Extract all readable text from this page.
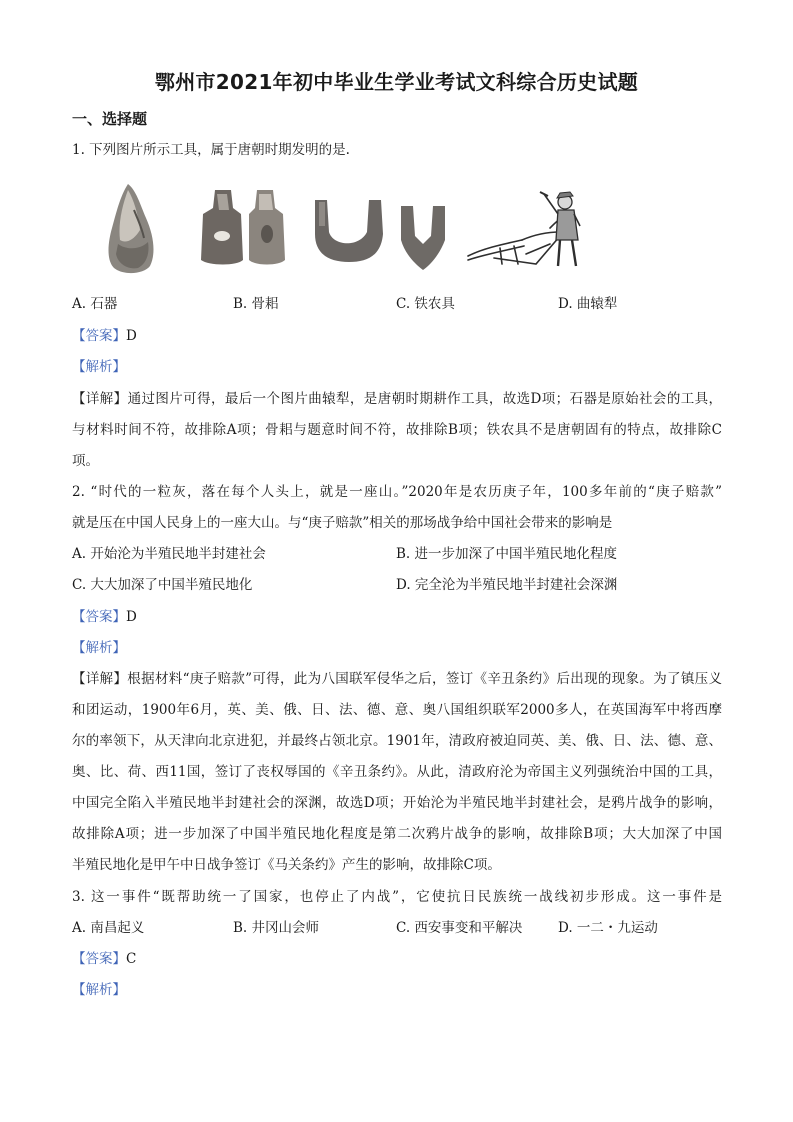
鄂州市2021年初中毕业生学业考试文科综合历史试题
一、选择题
1. 下列图片所示工具，属于唐朝时期发明的是.
A. 石器	B. 骨耜	C. 铁农具	D. 曲辕犁
【答案】D
【解析】
【详解】通过图片可得，最后一个图片曲辕犁，是唐朝时期耕作工具，故选D项；石器是原始社会的工具，
与材料时间不符，故排除A项；骨耜与题意时间不符，故排除B项；铁农具不是唐朝固有的特点，故排除C
项。
2. “时代的一粒灰，落在每个人头上，就是一座山。”2020年是农历庚子年，100多年前的“庚子赔款”
就是压在中国人民身上的一座大山。与“庚子赔款”相关的那场战争给中国社会带来的影响是
A. 开始沦为半殖民地半封建社会	B. 进一步加深了中国半殖民地化程度
C. 大大加深了中国半殖民地化	D. 完全沦为半殖民地半封建社会深渊
【答案】D
【解析】
【详解】根据材料“庚子赔款”可得，此为八国联军侵华之后，签订《辛丑条约》后出现的现象。为了镇压义
和团运动，1900年6月，英、美、俄、日、法、德、意、奥八国组织联军2000多人，在英国海军中将西摩
尔的率领下，从天津向北京进犯，并最终占领北京。1901年，清政府被迫同英、美、俄、日、法、德、意、
奥、比、荷、西11国，签订了丧权辱国的《辛丑条约》。从此，清政府沦为帝国主义列强统治中国的工具，
中国完全陷入半殖民地半封建社会的深渊，故选D项；开始沦为半殖民地半封建社会，是鸦片战争的影响，
故排除A项；进一步加深了中国半殖民地化程度是第二次鸦片战争的影响，故排除B项；大大加深了中国
半殖民地化是甲午中日战争签订《马关条约》产生的影响，故排除C项。
3. 这一事件“既帮助统一了国家，也停止了内战”，它使抗日民族统一战线初步形成。这一事件是
A. 南昌起义	B. 井冈山会师	C. 西安事变和平解决	D. 一二・九运动
【答案】C
【解析】
